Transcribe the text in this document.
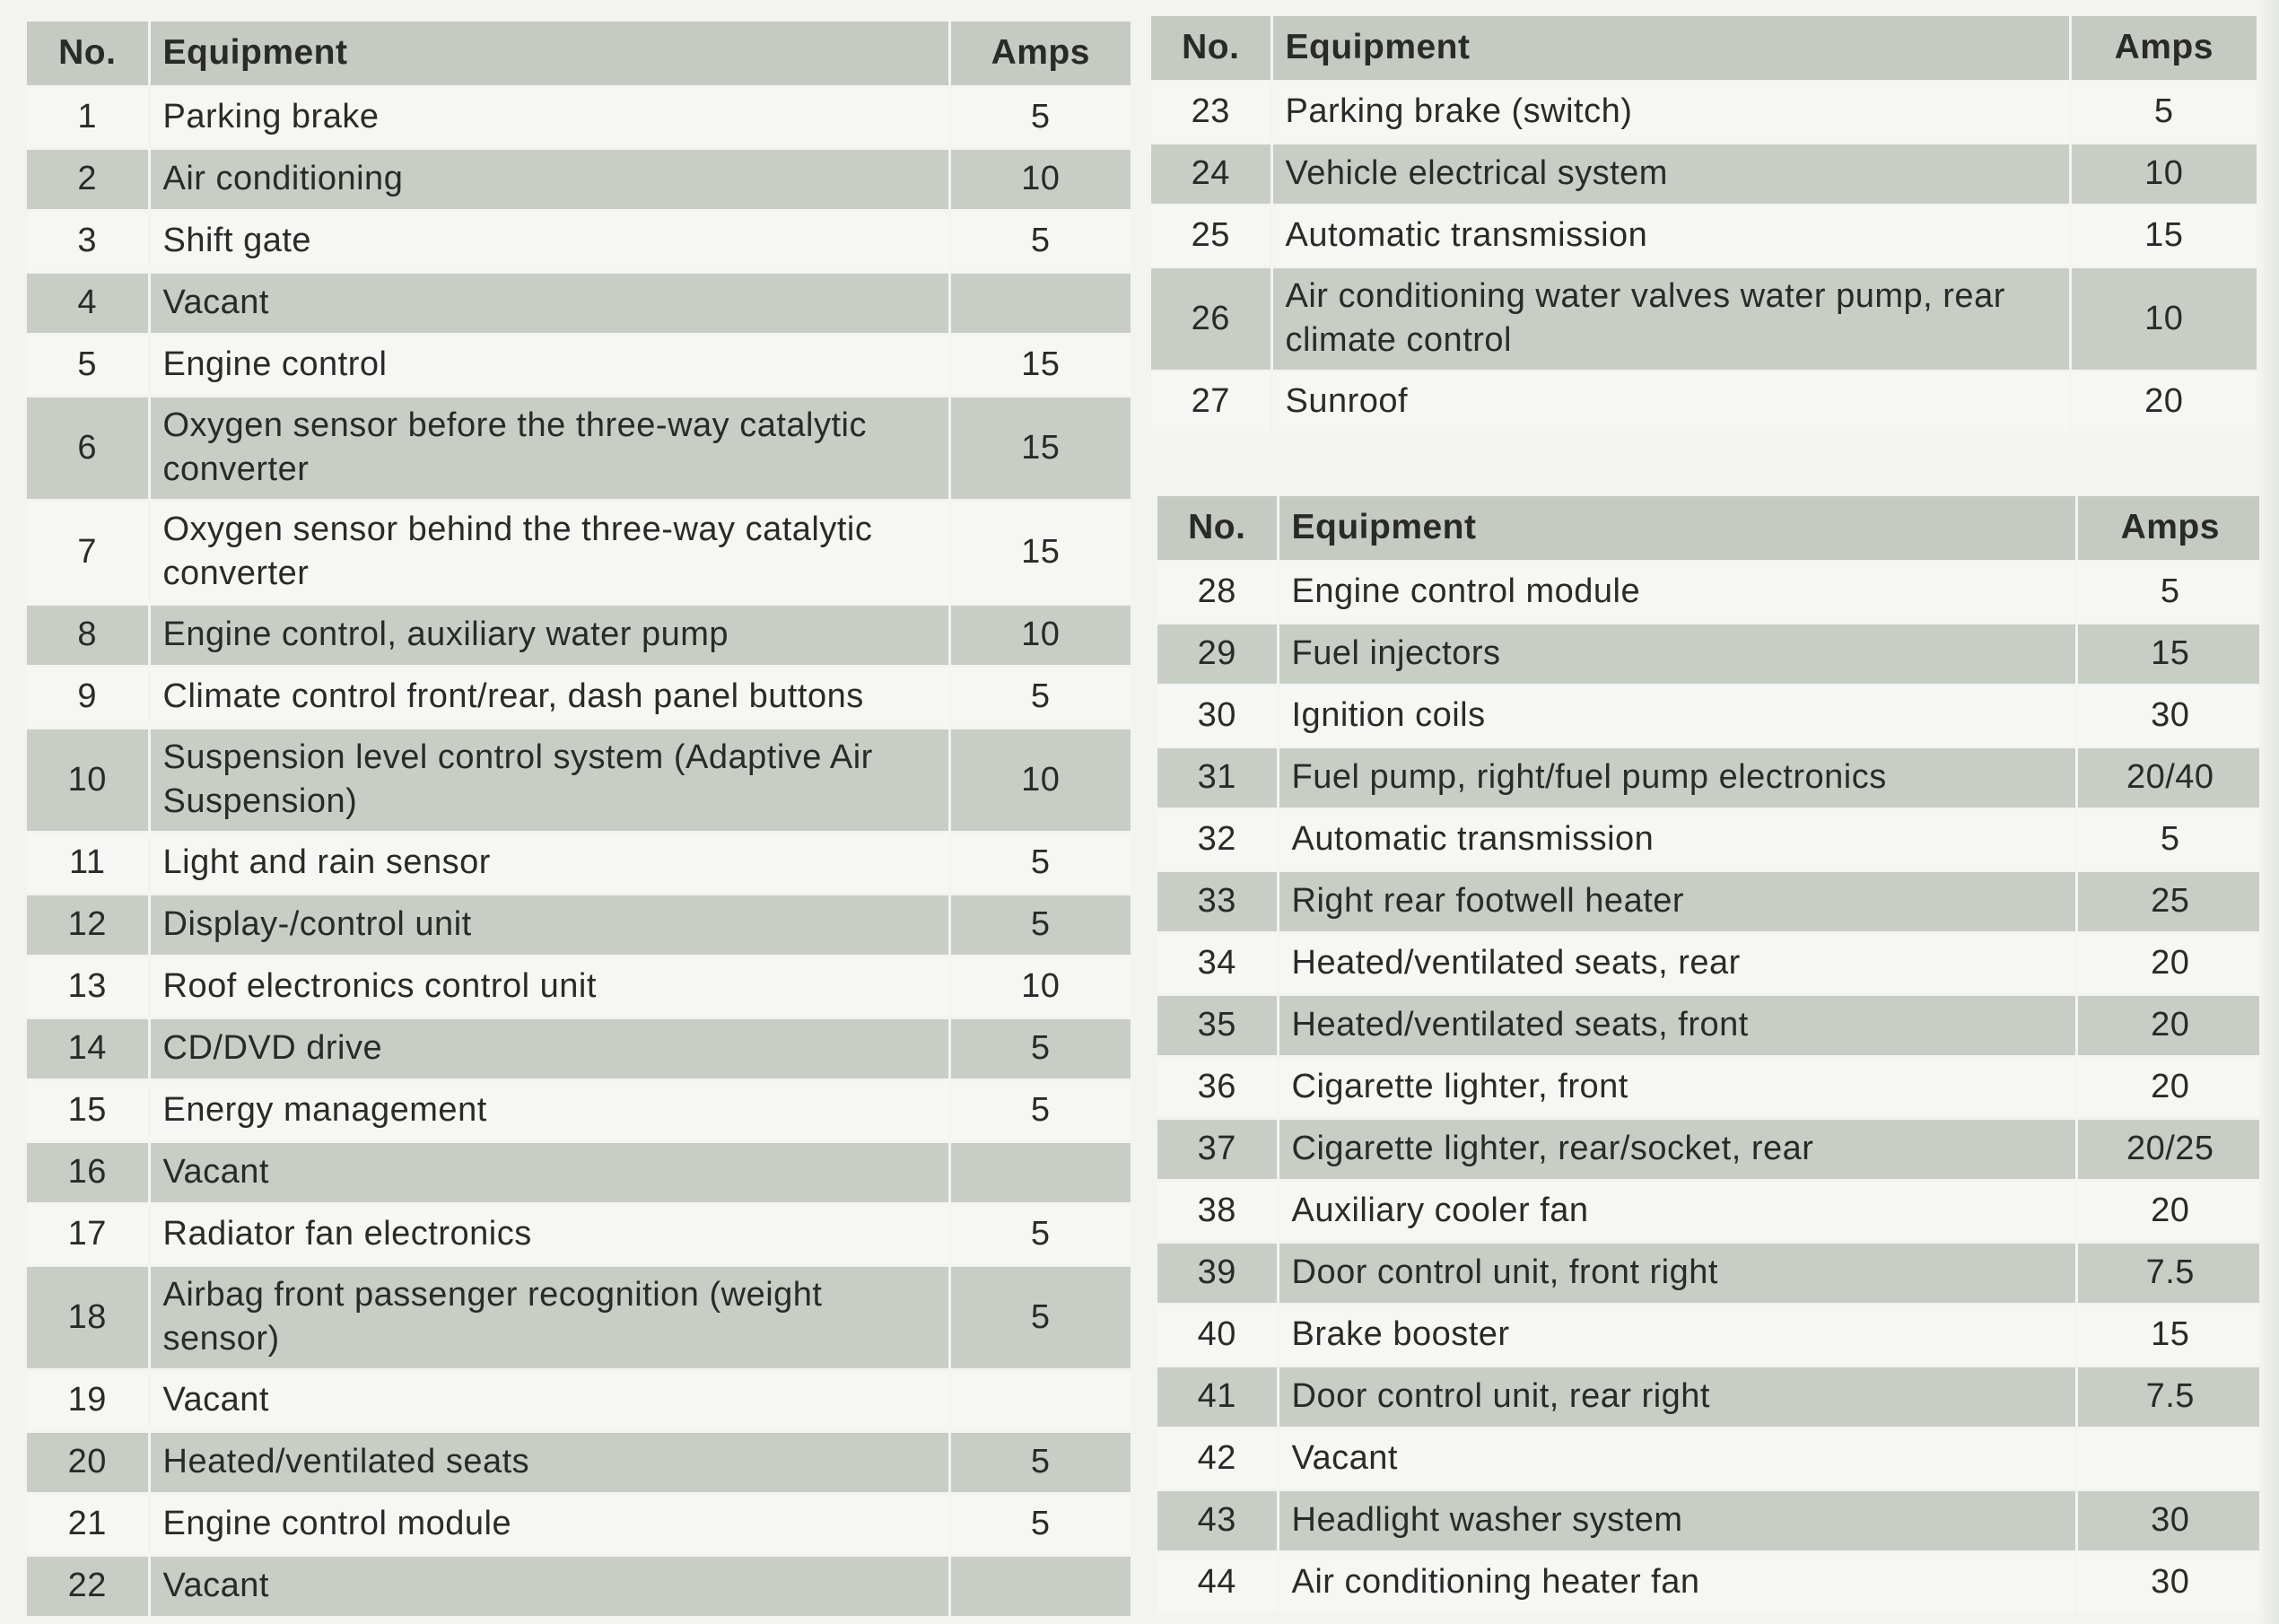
No.	Equipment	Amps
1	Parking brake	5
2	Air conditioning	10
3	Shift gate	5
4	Vacant	
5	Engine control	15
6	Oxygen sensor before the three-way catalytic converter	15
7	Oxygen sensor behind the three-way catalytic converter	15
8	Engine control, auxiliary water pump	10
9	Climate control front/rear, dash panel buttons	5
10	Suspension level control system (Adaptive Air Suspension)	10
11	Light and rain sensor	5
12	Display-/control unit	5
13	Roof electronics control unit	10
14	CD/DVD drive	5
15	Energy management	5
16	Vacant	
17	Radiator fan electronics	5
18	Airbag front passenger recognition (weight sensor)	5
19	Vacant	
20	Heated/ventilated seats	5
21	Engine control module	5
22	Vacant	
No.	Equipment	Amps
23	Parking brake (switch)	5
24	Vehicle electrical system	10
25	Automatic transmission	15
26	Air conditioning water valves water pump, rear climate control	10
27	Sunroof	20
No.	Equipment	Amps
28	Engine control module	5
29	Fuel injectors	15
30	Ignition coils	30
31	Fuel pump, right/fuel pump electronics	20/40
32	Automatic transmission	5
33	Right rear footwell heater	25
34	Heated/ventilated seats, rear	20
35	Heated/ventilated seats, front	20
36	Cigarette lighter, front	20
37	Cigarette lighter, rear/socket, rear	20/25
38	Auxiliary cooler fan	20
39	Door control unit, front right	7.5
40	Brake booster	15
41	Door control unit, rear right	7.5
42	Vacant	
43	Headlight washer system	30
44	Air conditioning heater fan	30
